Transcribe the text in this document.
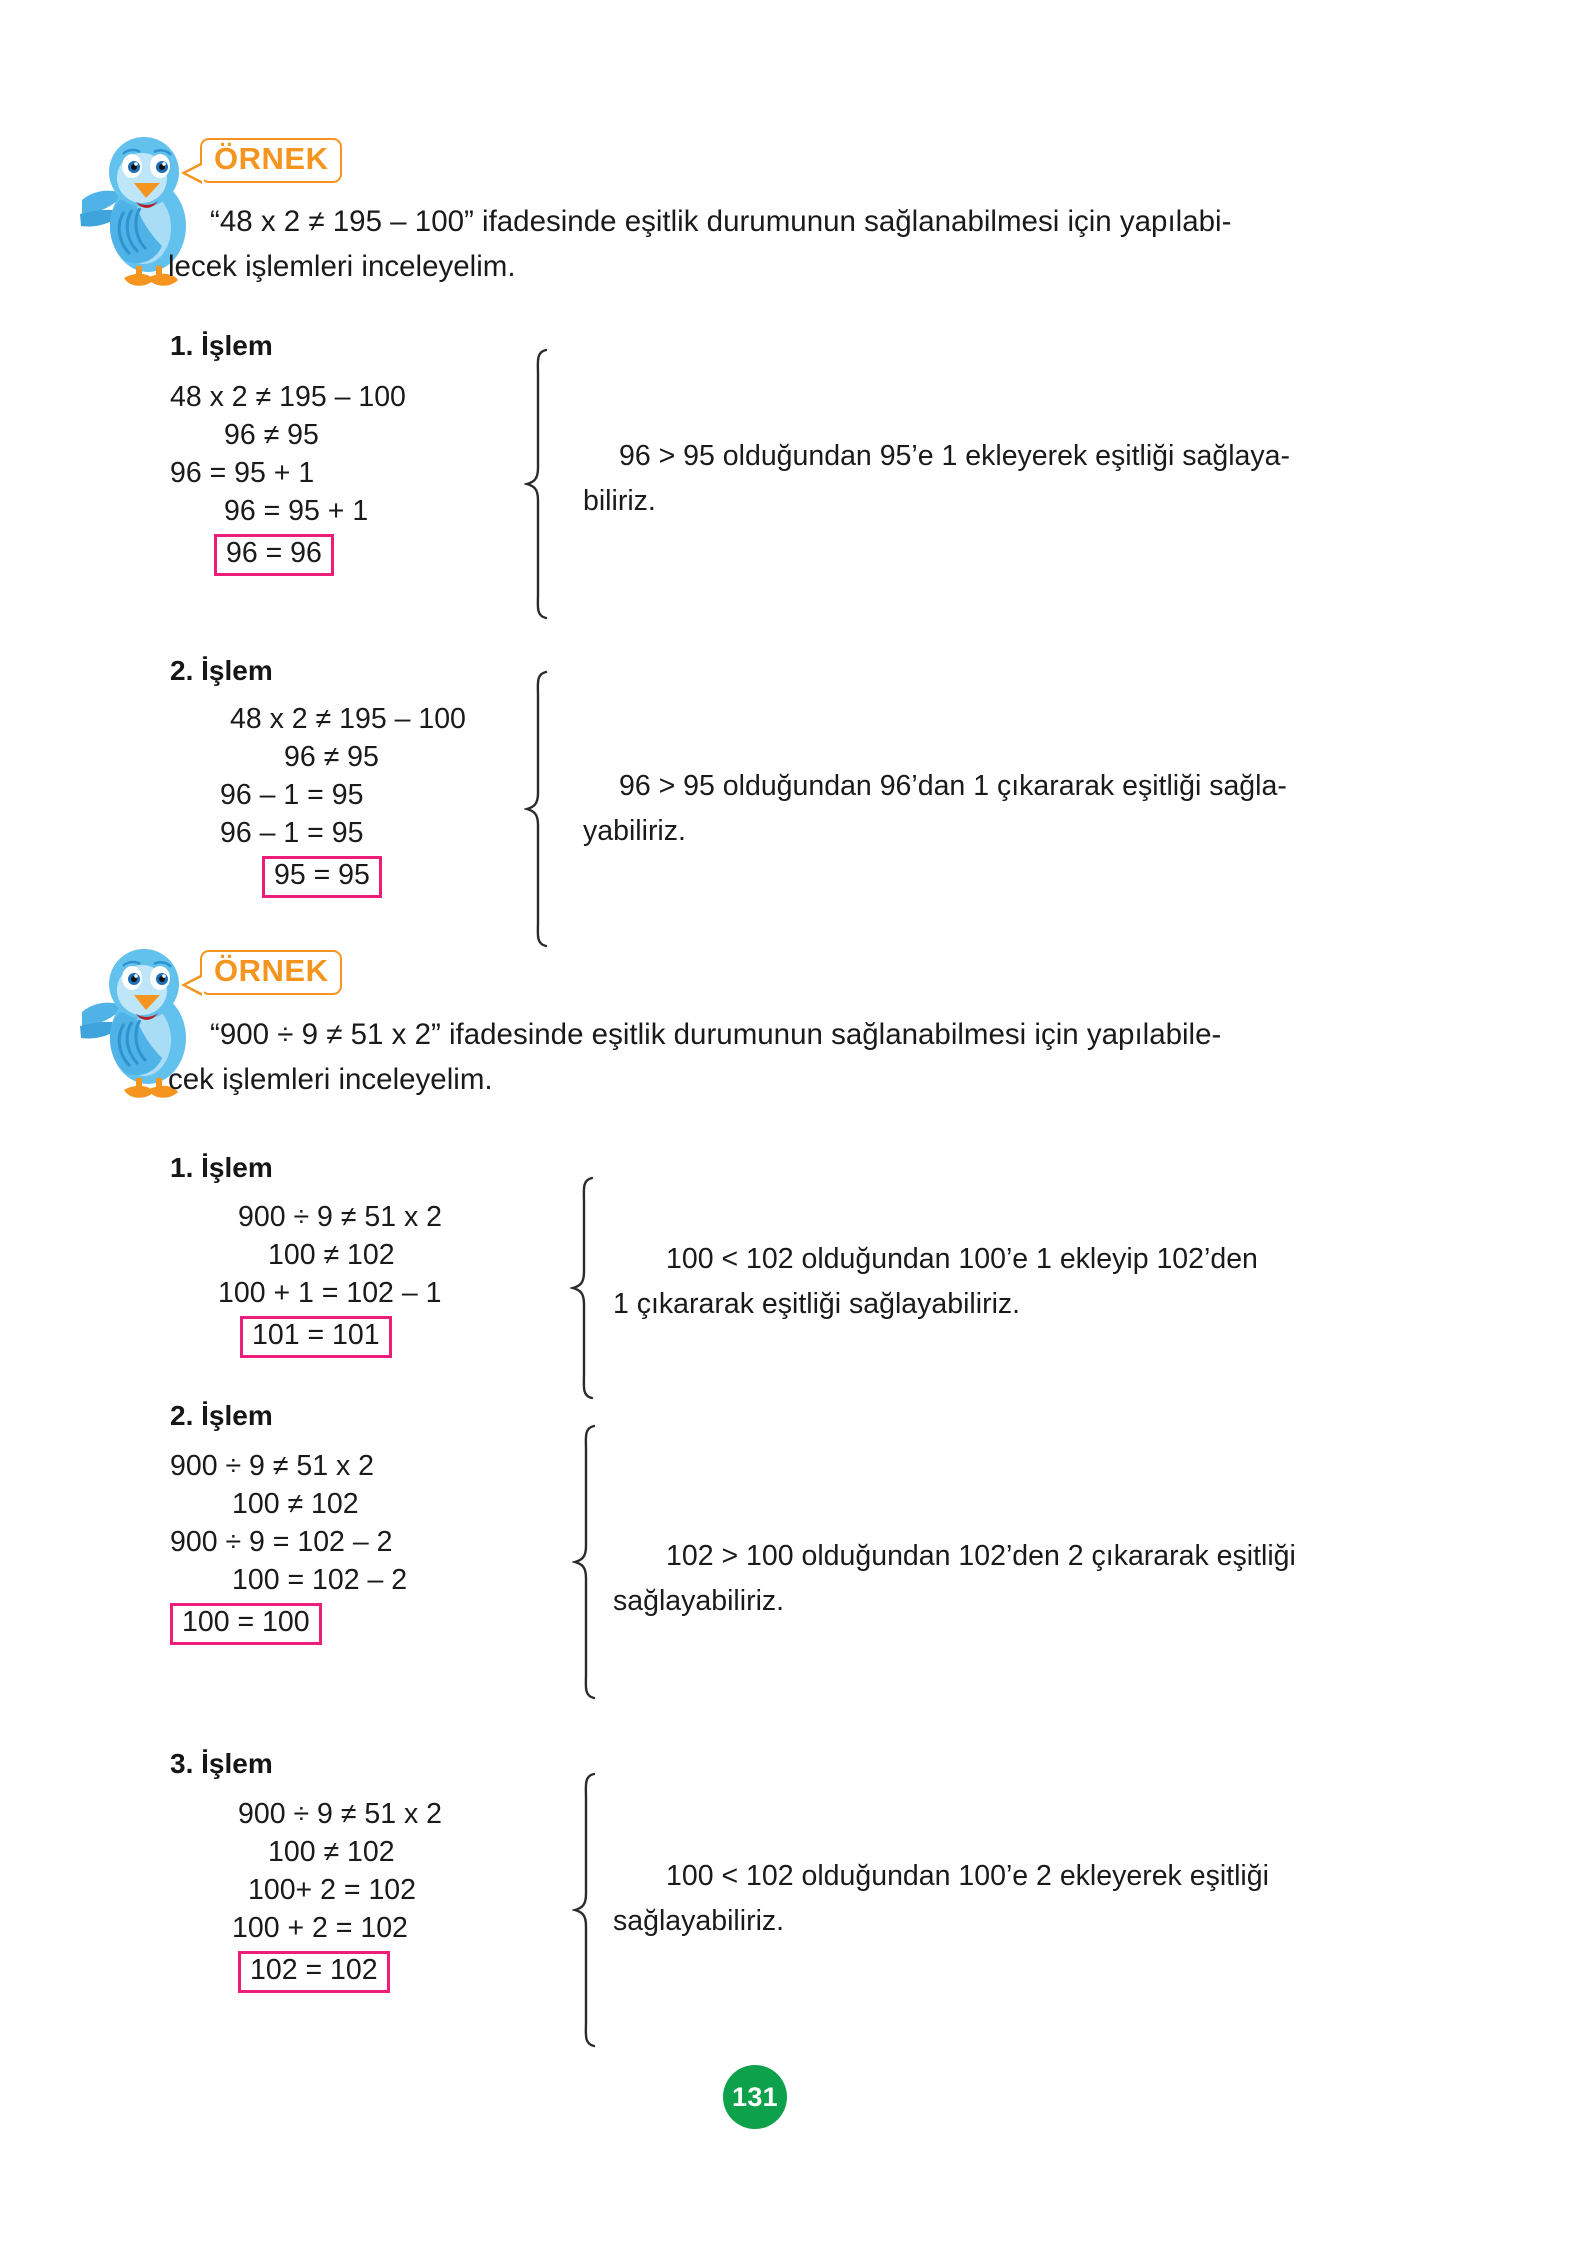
ÖRNEK
“48 x 2 ≠ 195 – 100” ifadesinde eşitlik durumunun sağlanabilmesi için yapılabi-
lecek işlemleri inceleyelim.
1. İşlem
48 x 2 ≠ 195 – 100
96 ≠ 95
96 = 95 + 1
96 = 95 + 1
96 = 96
96 > 95 olduğundan 95’e 1 ekleyerek eşitliği sağlaya-
biliriz.
2. İşlem
48 x 2 ≠ 195 – 100
96 ≠ 95
96 – 1 = 95
96 – 1 = 95
95 = 95
96 > 95 olduğundan 96’dan 1 çıkararak eşitliği sağla-
yabiliriz.
ÖRNEK
“900 ÷ 9 ≠ 51 x 2” ifadesinde eşitlik durumunun sağlanabilmesi için yapılabile-
cek işlemleri inceleyelim.
1. İşlem
900 ÷ 9 ≠ 51 x 2
100 ≠ 102
100 + 1 = 102 – 1
101 = 101
100 < 102 olduğundan 100’e 1 ekleyip 102’den
1 çıkararak eşitliği sağlayabiliriz.
2. İşlem
900 ÷ 9 ≠ 51 x 2
100 ≠ 102
900 ÷ 9 = 102 – 2
100 = 102 – 2
100 = 100
102 > 100 olduğundan 102’den 2 çıkararak eşitliği
sağlayabiliriz.
3. İşlem
900 ÷ 9 ≠ 51 x 2
100 ≠ 102
100+ 2 = 102
100 + 2 = 102
102 = 102
100 < 102 olduğundan 100’e 2 ekleyerek eşitliği
sağlayabiliriz.
131
